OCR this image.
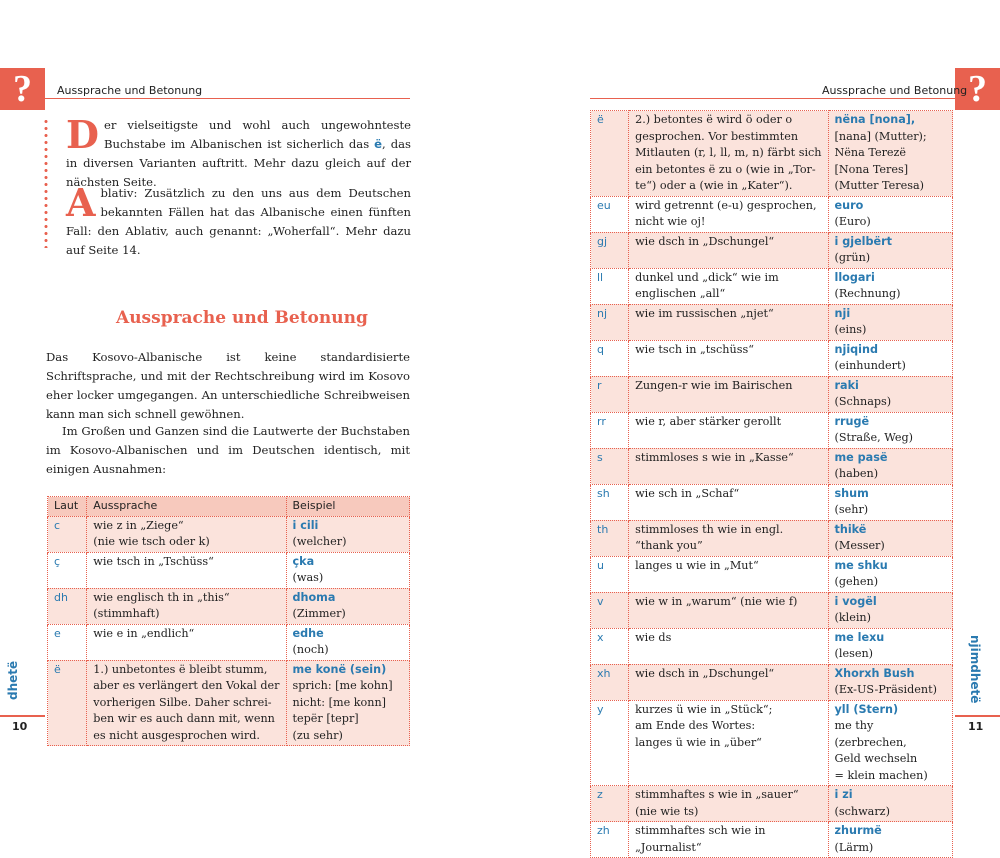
?	Aussprache und Betonung
Der vielseitigste und wohl auch ungewohnteste Buchstabe im Albanischen ist sicherlich das ë, das in diversen Varianten auftritt. Mehr dazu gleich auf der nächsten Seite.
Ablativ: Zusätzlich zu den uns aus dem Deutschen bekannten Fällen hat das Albanische einen fünften Fall: den Ablativ, auch genannt: „Woherfall“. Mehr dazu auf Seite 14.
Aussprache und Betonung
Das Kosovo-Albanische ist keine standardisierte Schriftsprache, und mit der Rechtschreibung wird im Kosovo eher locker umgegangen. An unterschiedliche Schreibweisen kann man sich schnell gewöhnen.
Im Großen und Ganzen sind die Lautwerte der Buchstaben im Kosovo-Albanischen und im Deutschen identisch, mit einigen Ausnahmen:
Laut	Aussprache	Beispiel
c	wie z in „Ziege“
(nie wie tsch oder k)	i cili
(welcher)

ç	wie tsch in „Tschüss“	çka
(was)

dh	wie englisch th in „this“
(stimmhaft)	dhoma
(Zimmer)

e	wie e in „endlich“	edhe
(noch)

ë	1.) unbetontes ë bleibt stumm,
aber es verlängert den Vokal der
vorherigen Silbe. Daher schrei-
ben wir es auch dann mit, wenn
es nicht ausgesprochen wird.	me konë (sein)
sprich: [me kohn]
nicht: [me konn]
tepër [tepr]
(zu sehr)
dhetë
10
?
Aussprache und Betonung
ë	2.) betontes ë wird ö oder o
gesprochen. Vor bestimmten
Mitlauten (r, l, ll, m, n) färbt sich
ein betontes ë zu o (wie in „Tor-
te“) oder a (wie in „Kater“).	nëna [nona],
[nana] (Mutter);
Nëna Terezë
[Nona Teres]
(Mutter Teresa)

eu	wird getrennt (e-u) gesprochen,
nicht wie oj!	euro
(Euro)

gj	wie dsch in „Dschungel“	i gjelbërt
(grün)

ll	dunkel und „dick“ wie im
englischen „all“	llogari
(Rechnung)

nj	wie im russischen „njet“	nji
(eins)

q	wie tsch in „tschüss“	njiqind
(einhundert)

r	Zungen-r wie im Bairischen	raki
(Schnaps)

rr	wie r, aber stärker gerollt	rrugë
(Straße, Weg)

s	stimmloses s wie in „Kasse“	me pasë
(haben)

sh	wie sch in „Schaf“	shum
(sehr)

th	stimmloses th wie in engl.
“thank you”	thikë
(Messer)

u	langes u wie in „Mut“	me shku
(gehen)

v	wie w in „warum“ (nie wie f)	i vogël
(klein)

x	wie ds	me lexu
(lesen)

xh	wie dsch in „Dschungel“	Xhorxh Bush
(Ex-US-Präsident)

y	kurzes ü wie in „Stück“;
am Ende des Wortes:
langes ü wie in „über“	yll (Stern)
me thy
(zerbrechen,
Geld wechseln
= klein machen)

z	stimmhaftes s wie in „sauer“
(nie wie ts)	i zi
(schwarz)

zh	stimmhaftes sch wie in
„Journalist“	zhurmë
(Lärm)
njimdhetë
11
